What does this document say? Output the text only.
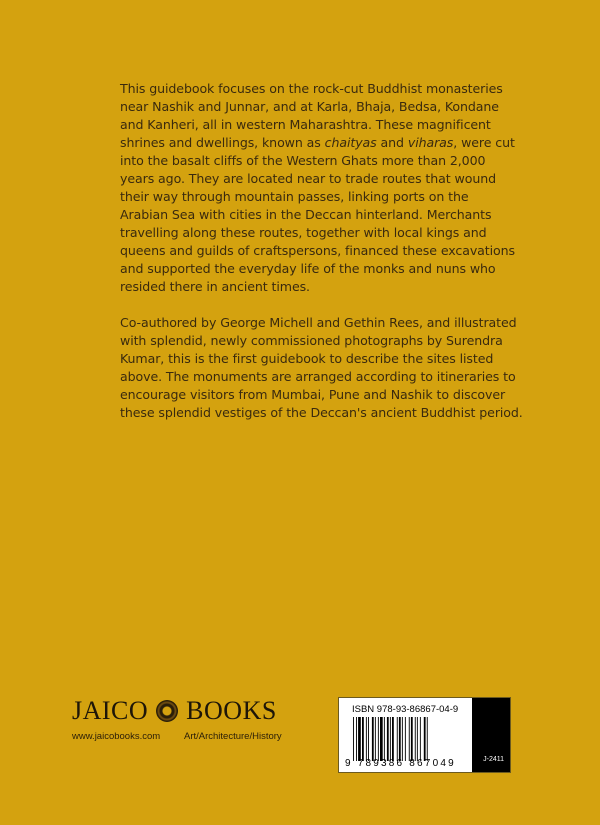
This guidebook focuses on the rock-cut Buddhist monasteries
near Nashik and Junnar, and at Karla, Bhaja, Bedsa, Kondane
and Kanheri, all in western Maharashtra. These magnificent
shrines and dwellings, known as chaityas and viharas, were cut
into the basalt cliffs of the Western Ghats more than 2,000
years ago. They are located near to trade routes that wound
their way through mountain passes, linking ports on the
Arabian Sea with cities in the Deccan hinterland. Merchants
travelling along these routes, together with local kings and
queens and guilds of craftspersons, financed these excavations
and supported the everyday life of the monks and nuns who
resided there in ancient times.
Co-authored by George Michell and Gethin Rees, and illustrated
with splendid, newly commissioned photographs by Surendra
Kumar, this is the first guidebook to describe the sites listed
above. The monuments are arranged according to itineraries to
encourage visitors from Mumbai, Pune and Nashik to discover
these splendid vestiges of the Deccan's ancient Buddhist period.
JAICO BOOKS
www.jaicobooks.com	Art/Architecture/History
ISBN 978-93-86867-04-9
9 789386 867049	J-2411
